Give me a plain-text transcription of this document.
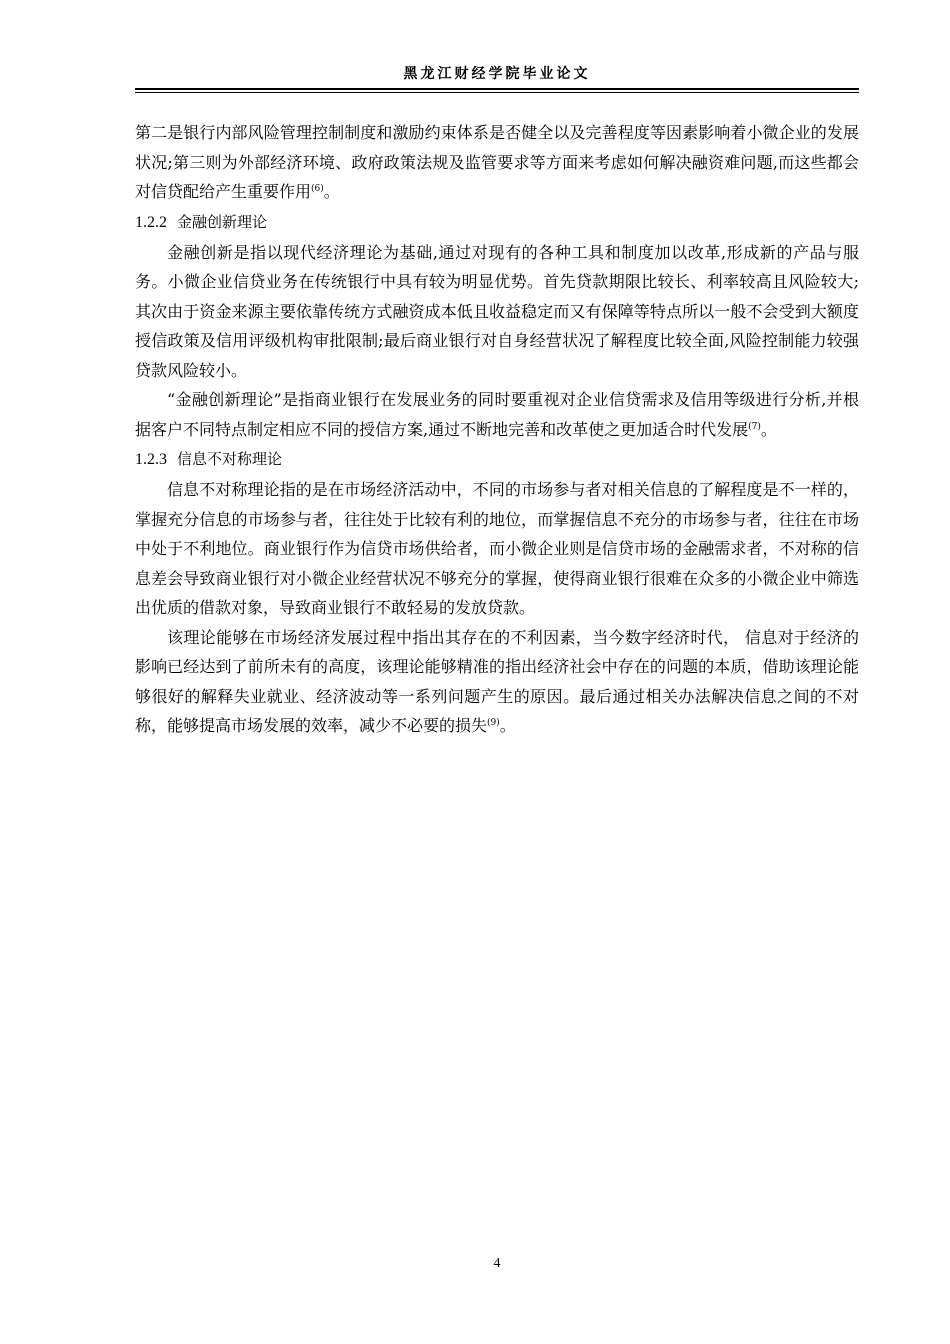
黑龙江财经学院毕业论文

第二是银行内部风险管理控制制度和激励约束体系是否健全以及完善程度等因素影响着小微企业的发展状况;第三则为外部经济环境、政府政策法规及监管要求等方面来考虑如何解决融资难问题,而这些都会对信贷配给产生重要作用$^{(6)}$。

1.2.2 金融创新理论

金融创新是指以现代经济理论为基础,通过对现有的各种工具和制度加以改革,形成新的产品与服务。小微企业信贷业务在传统银行中具有较为明显优势。首先贷款期限比较长、利率较高且风险较大;其次由于资金来源主要依靠传统方式融资成本低且收益稳定而又有保障等特点所以一般不会受到大额度授信政策及信用评级机构审批限制;最后商业银行对自身经营状况了解程度比较全面,风险控制能力较强贷款风险较小。

“金融创新理论”是指商业银行在发展业务的同时要重视对企业信贷需求及信用等级进行分析,并根据客户不同特点制定相应不同的授信方案,通过不断地完善和改革使之更加适合时代发展$^{(7)}$。

1.2.3 信息不对称理论

信息不对称理论指的是在市场经济活动中，不同的市场参与者对相关信息的了解程度是不一样的，掌握充分信息的市场参与者，往往处于比较有利的地位，而掌握信息不充分的市场参与者，往往在市场中处于不利地位。商业银行作为信贷市场供给者，而小微企业则是信贷市场的金融需求者，不对称的信息差会导致商业银行对小微企业经营状况不够充分的掌握，使得商业银行很难在众多的小微企业中筛选出优质的借款对象，导致商业银行不敢轻易的发放贷款。

该理论能够在市场经济发展过程中指出其存在的不利因素，当今数字经济时代， 信息对于经济的影响已经达到了前所未有的高度，该理论能够精准的指出经济社会中存在的问题的本质，借助该理论能够很好的解释失业就业、经济波动等一系列问题产生的原因。最后通过相关办法解决信息之间的不对称，能够提高市场发展的效率，减少不必要的损失$^{(9)}$。

4
